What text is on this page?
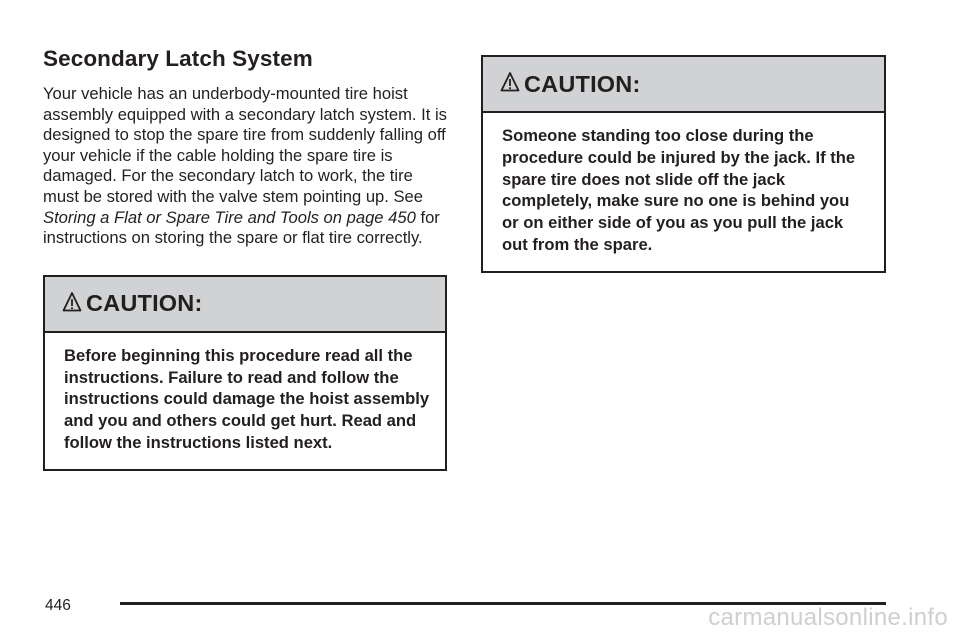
Secondary Latch System

Your vehicle has an underbody-mounted tire hoist assembly equipped with a secondary latch system. It is designed to stop the spare tire from suddenly falling off your vehicle if the cable holding the spare tire is damaged. For the secondary latch to work, the tire must be stored with the valve stem pointing up. See Storing a Flat or Spare Tire and Tools on page 450 for instructions on storing the spare or flat tire correctly.

CAUTION:

Before beginning this procedure read all the instructions. Failure to read and follow the instructions could damage the hoist assembly and you and others could get hurt. Read and follow the instructions listed next.

CAUTION:

Someone standing too close during the procedure could be injured by the jack. If the spare tire does not slide off the jack completely, make sure no one is behind you or on either side of you as you pull the jack out from the spare.

446	carmanualsonline.info
